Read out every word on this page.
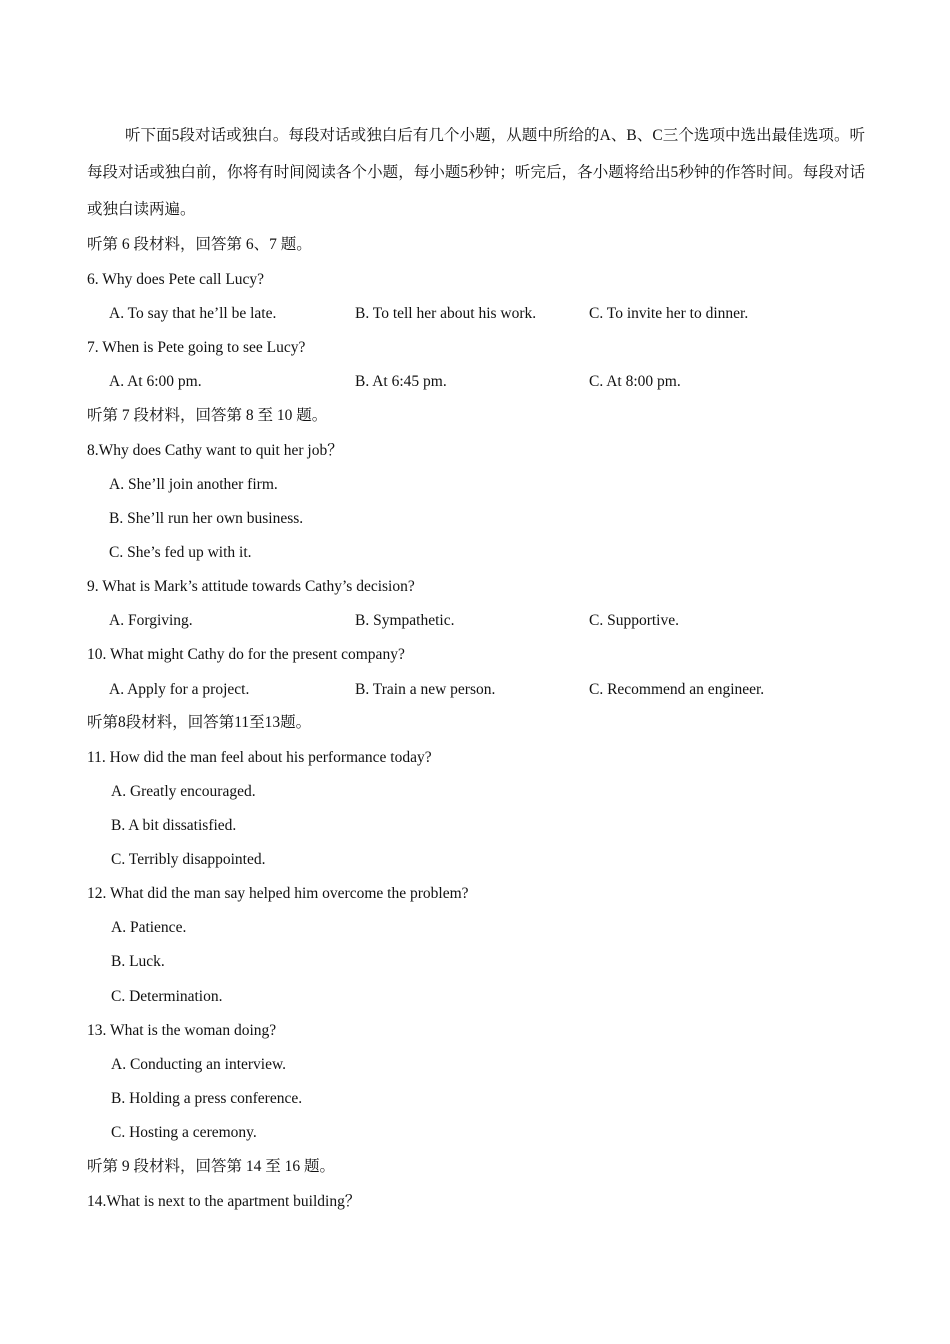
听下面5段对话或独白。每段对话或独白后有几个小题，从题中所给的A、B、C三个选项中选出最佳选项。听每段对话或独白前，你将有时间阅读各个小题，每小题5秒钟；听完后，各小题将给出5秒钟的作答时间。每段对话或独白读两遍。

听第 6 段材料，回答第 6、7 题。
6. Why does Pete call Lucy?
A. To say that he’ll be late.	B. To tell her about his work.	C. To invite her to dinner.
7. When is Pete going to see Lucy?
A. At 6:00 pm.	B. At 6:45 pm.	C. At 8:00 pm.
听第 7 段材料，回答第 8 至 10 题。
8.Why does Cathy want to quit her job？
A. She’ll join another firm.
B. She’ll run her own business.
C. She’s fed up with it.
9. What is Mark’s attitude towards Cathy’s decision?
A. Forgiving.	B. Sympathetic.	C. Supportive.
10. What might Cathy do for the present company?
A. Apply for a project.	B. Train a new person.	C. Recommend an engineer.
听第8段材料，回答第11至13题。
11. How did the man feel about his performance today?
A. Greatly encouraged.
B. A bit dissatisfied.
C. Terribly disappointed.
12. What did the man say helped him overcome the problem?
A. Patience.
B. Luck.
C. Determination.
13. What is the woman doing?
A. Conducting an interview.
B. Holding a press conference.
C. Hosting a ceremony.
听第 9 段材料，回答第 14 至 16 题。
14.What is next to the apartment building？
